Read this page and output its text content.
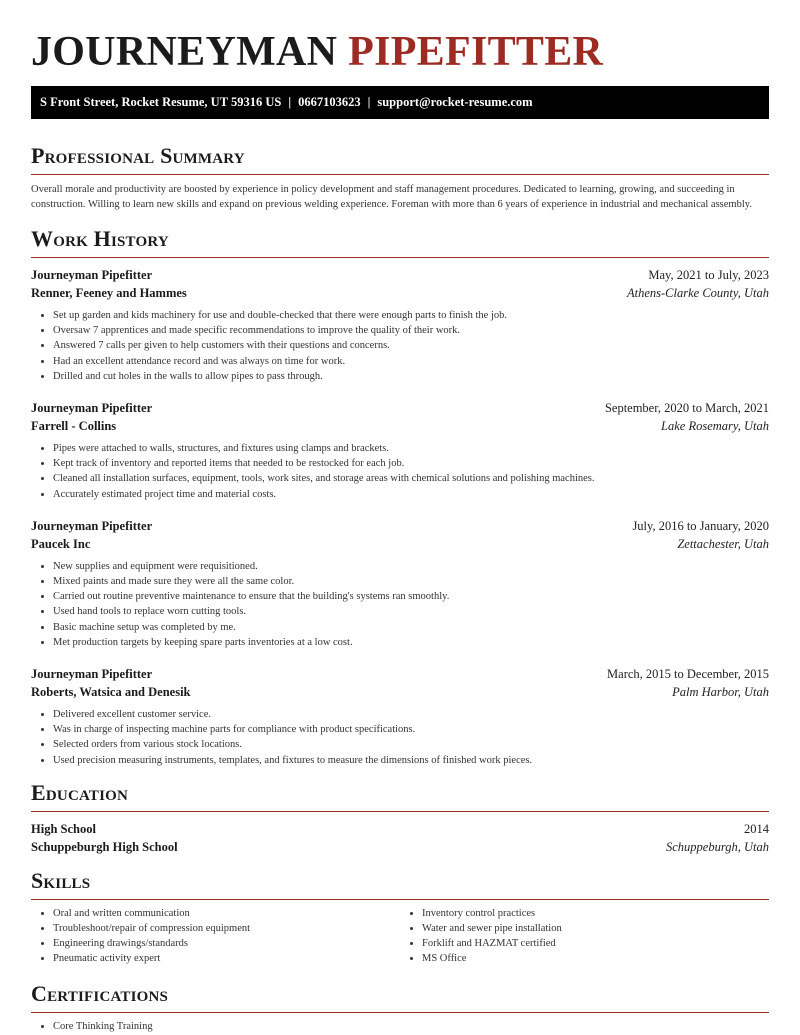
JOURNEYMAN PIPEFITTER
S Front Street, Rocket Resume, UT 59316 US | 0667103623 | support@rocket-resume.com
Professional Summary

Overall morale and productivity are boosted by experience in policy development and staff management procedures. Dedicated to learning, growing, and succeeding in construction. Willing to learn new skills and expand on previous welding experience. Foreman with more than 6 years of experience in industrial and mechanical assembly.

Work History
Journeyman Pipefitter	May, 2021 to July, 2023
Renner, Feeney and Hammes	Athens-Clarke County, Utah
• Set up garden and kids machinery for use and double-checked that there were enough parts to finish the job.
• Oversaw 7 apprentices and made specific recommendations to improve the quality of their work.
• Answered 7 calls per given to help customers with their questions and concerns.
• Had an excellent attendance record and was always on time for work.
• Drilled and cut holes in the walls to allow pipes to pass through.
Journeyman Pipefitter	September, 2020 to March, 2021
Farrell - Collins	Lake Rosemary, Utah
• Pipes were attached to walls, structures, and fixtures using clamps and brackets.
• Kept track of inventory and reported items that needed to be restocked for each job.
• Cleaned all installation surfaces, equipment, tools, work sites, and storage areas with chemical solutions and polishing machines.
• Accurately estimated project time and material costs.
Journeyman Pipefitter	July, 2016 to January, 2020
Paucek Inc	Zettachester, Utah
• New supplies and equipment were requisitioned.
• Mixed paints and made sure they were all the same color.
• Carried out routine preventive maintenance to ensure that the building's systems ran smoothly.
• Used hand tools to replace worn cutting tools.
• Basic machine setup was completed by me.
• Met production targets by keeping spare parts inventories at a low cost.
Journeyman Pipefitter	March, 2015 to December, 2015
Roberts, Watsica and Denesik	Palm Harbor, Utah
• Delivered excellent customer service.
• Was in charge of inspecting machine parts for compliance with product specifications.
• Selected orders from various stock locations.
• Used precision measuring instruments, templates, and fixtures to measure the dimensions of finished work pieces.
Education
High School	2014
Schuppeburgh High School	Schuppeburgh, Utah
Skills
• Oral and written communication
• Troubleshoot/repair of compression equipment
• Engineering drawings/standards
• Pneumatic activity expert
• Inventory control practices
• Water and sewer pipe installation
• Forklift and HAZMAT certified
• MS Office
Certifications
• Core Thinking Training
